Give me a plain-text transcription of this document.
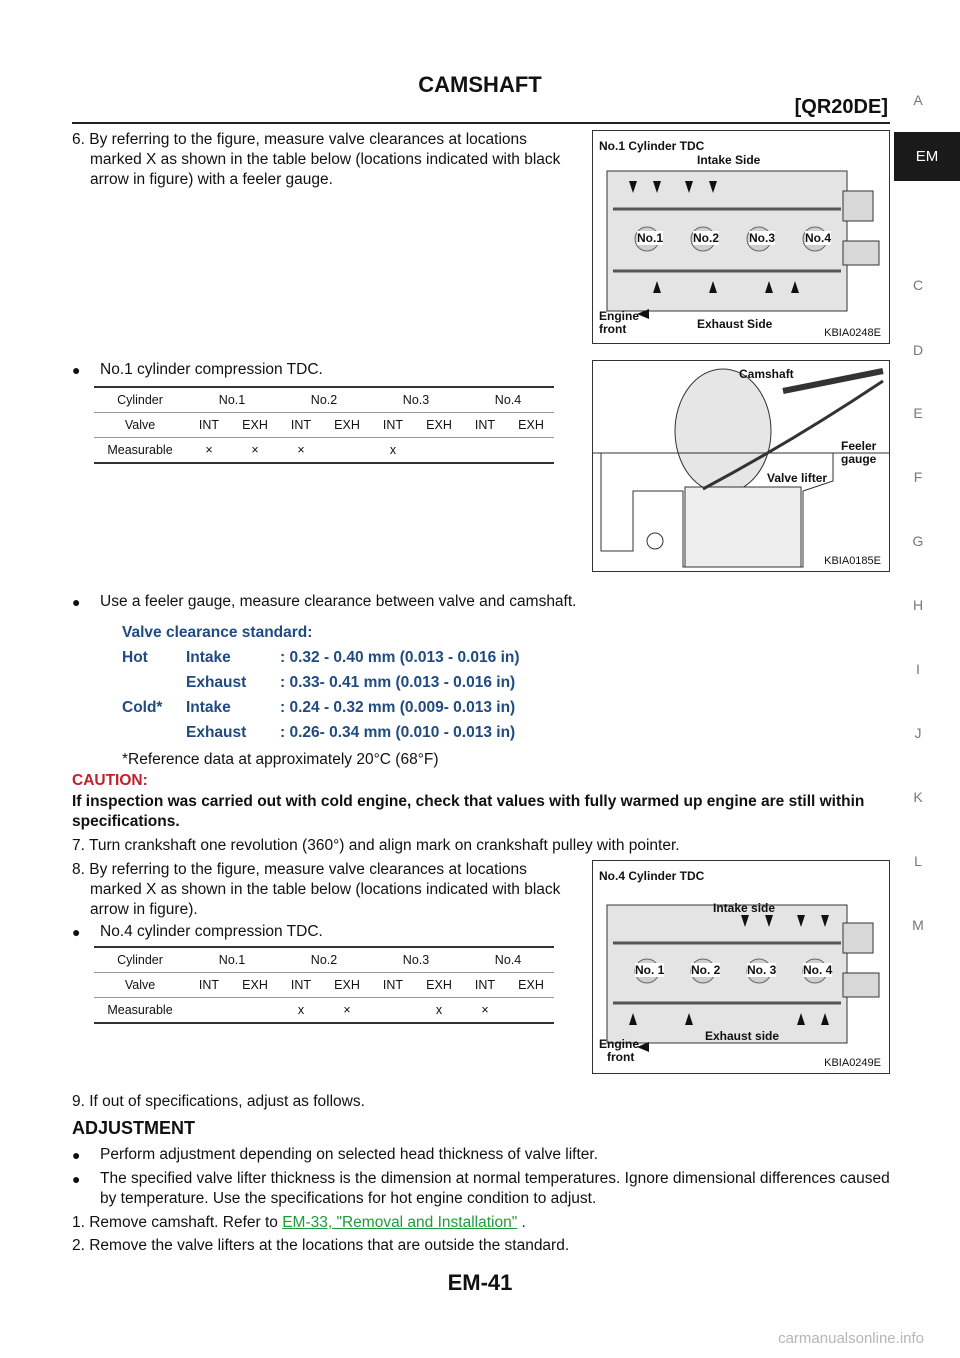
CAMSHAFT
[QR20DE]	A
EM
C
D
E
F
G
H
I
J
K
L
M
6. By referring to the figure, measure valve clearances at locations marked X as shown in the table below (locations indicated with black arrow in figure) with a feeler gauge.
No.1 Cylinder TDC
Intake Side
No.1 No.2 No.3 No.4
Engine
front	Exhaust Side
KBIA0248E
● No.1 cylinder compression TDC.
Cylinder	No.1		No.2		No.3		No.4	
Valve	INT	EXH	INT	EXH	INT	EXH	INT	EXH
Measurable	×	×	×		x			
Camshaft
Feeler
gauge
Valve lifter
KBIA0185E
● Use a feeler gauge, measure clearance between valve and camshaft.
Valve clearance standard:
Hot Intake	: 0.32 - 0.40 mm (0.013 - 0.016 in)
Exhaust : 0.33- 0.41 mm (0.013 - 0.016 in)
Cold* Intake	: 0.24 - 0.32 mm (0.009- 0.013 in)
Exhaust : 0.26- 0.34 mm (0.010 - 0.013 in)
*Reference data at approximately 20°C (68°F)
CAUTION:
If inspection was carried out with cold engine, check that values with fully warmed up engine are still within specifications.
7. Turn crankshaft one revolution (360°) and align mark on crankshaft pulley with pointer.
8. By referring to the figure, measure valve clearances at locations marked X as shown in the table below (locations indicated with black arrow in figure).
No.4 Cylinder TDC
Intake side
No. 1 No. 2 No. 3 No. 4
Engine
front
Exhaust side
KBIA0249E
● No.4 cylinder compression TDC.
Cylinder	No.1		No.2		No.3		No.4	
Valve	INT	EXH	INT	EXH	INT	EXH	INT	EXH
Measurable			x	×		x	×	
9. If out of specifications, adjust as follows.
ADJUSTMENT
● Perform adjustment depending on selected head thickness of valve lifter.
● The specified valve lifter thickness is the dimension at normal temperatures. Ignore dimensional differences caused by temperature. Use the specifications for hot engine condition to adjust.
1. Remove camshaft. Refer to EM-33, "Removal and Installation" .
2. Remove the valve lifters at the locations that are outside the standard.
EM-41
carmanualsonline.info
